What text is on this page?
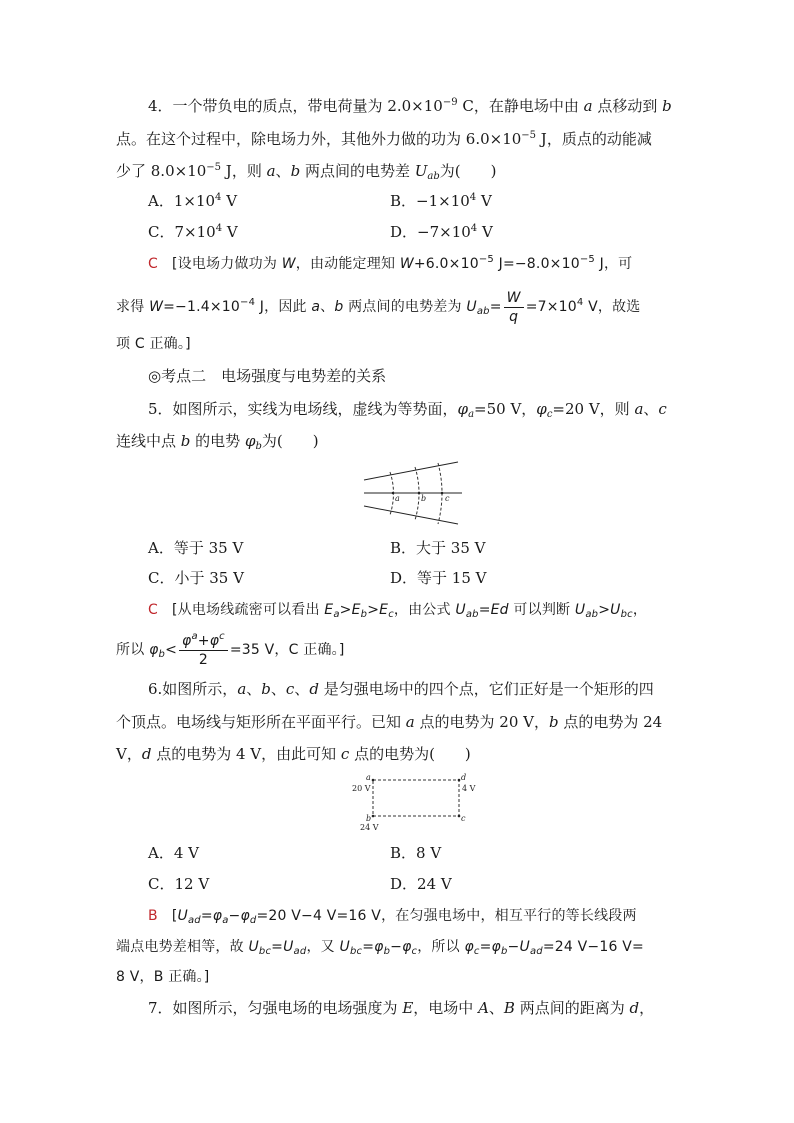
4．一个带负电的质点，带电荷量为 $2.0\times 10^{-9}$ C，在静电场中由 a 点移动到 b
点。在这个过程中，除电场力外，其他外力做的功为 $6.0\times 10^{-5}$ J，质点的动能减
少了 $8.0\times 10^{-5}$ J，则 a、b 两点间的电势差 $U_{ab}$为(　　)
A．$1\times 10^4$ V	B．$-1\times 10^4$ V
C．$7\times 10^4$ V	D．$-7\times 10^4$ V
C [设电场力做功为 W，由动能定理知 $W+6.0\times 10^{-5}$ $J=-8.0\times 10^{-5}$ J，可
求得 $W=-1.4\times 10^{-4}$ J，因此 a、b 两点间的电势差为 $U_{ab}= \frac{W}{q} =7\times 10^4$ V，故选
项 C 正确。]
◎考点二　电场强度与电势差的关系
5．如图所示，实线为电场线，虚线为等势面，$\varphi_a=50$ V，$\varphi_c=20$ V，则 a、c
连线中点 b 的电势 $\varphi_b$为(　　)
a	b c
A．等于 35 V	B．大于 35 V
C．小于 35 V	D．等于 15 V
C [从电场线疏密可以看出 $E_a>E_b>E_c$，由公式 $U_{ab}=Ed$ 可以判断 $U_{ab}>U_{bc}$，
所以 $\varphi_b< \frac{\varphi^a+\varphi^c}{2} =35$ V，C 正确。]
6.如图所示，a、b、c、d 是匀强电场中的四个点，它们正好是一个矩形的四
个顶点。电场线与矩形所在平面平行。已知 a 点的电势为 20 V，b 点的电势为 24
V，d 点的电势为 4 V，由此可知 c 点的电势为(　　)
a	d
b	c
20 V	4 V
24 V
A．4 V	B．8 V
C．12 V	D．24 V
B [$U_{ad}=\varphi_a-\varphi_d=20$ V−4 V=16 V，在匀强电场中，相互平行的等长线段两
端点电势差相等，故 $U_{bc}=U_{ad}$，又 $U_{bc}=\varphi_b-\varphi_c$，所以 $\varphi_c=\varphi_b-U_{ad}=24$ V−16 V=
8 V，B 正确。]
7．如图所示，匀强电场的电场强度为 E，电场中 A、B 两点间的距离为 d，
